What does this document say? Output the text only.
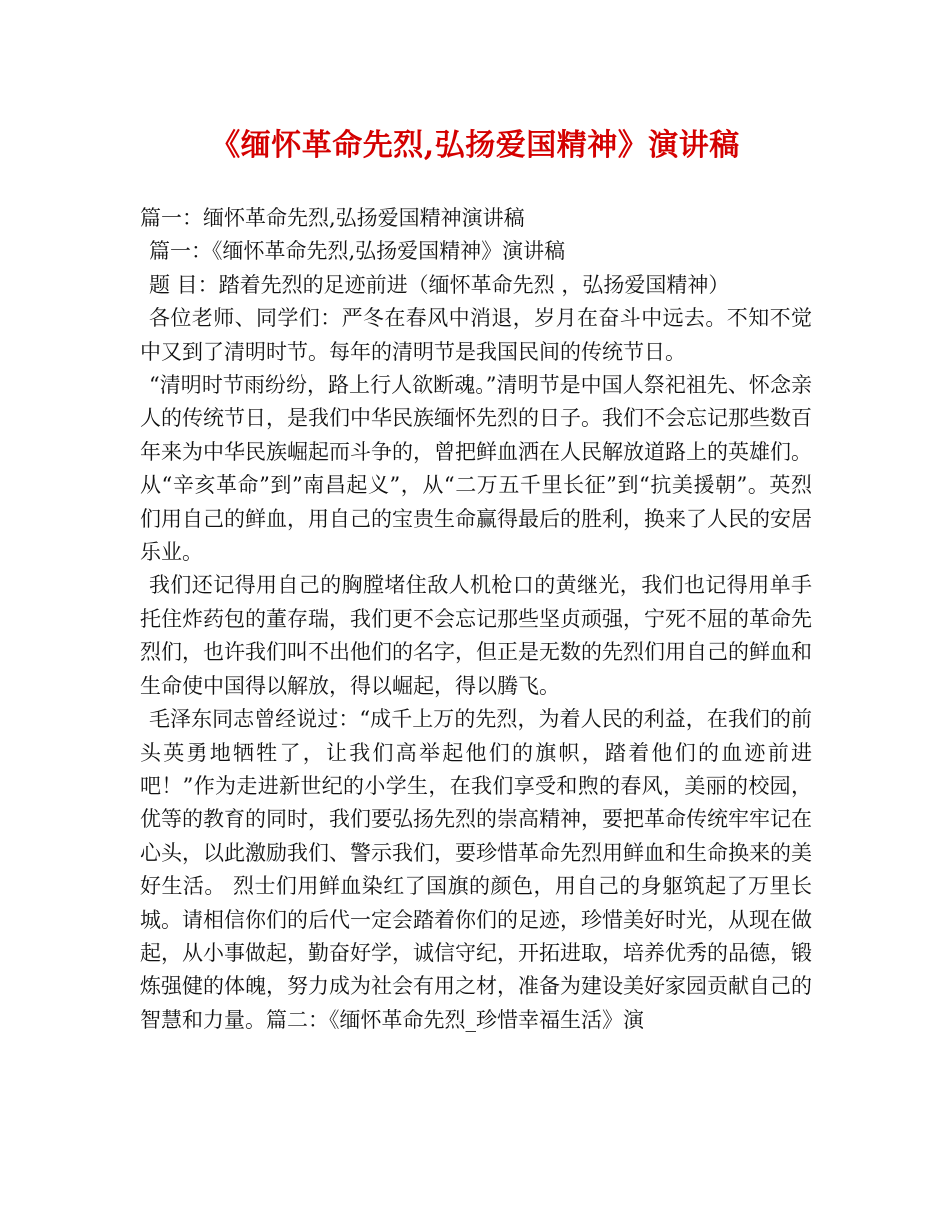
《缅怀革命先烈,弘扬爱国精神》演讲稿

篇一：缅怀革命先烈,弘扬爱国精神演讲稿

篇一：《缅怀革命先烈,弘扬爱国精神》演讲稿

题 目：踏着先烈的足迹前进（缅怀革命先烈 ，弘扬爱国精神）

各位老师、同学们：严冬在春风中消退，岁月在奋斗中远去。不知不觉中又到了清明时节。每年的清明节是我国民间的传统节日。

“清明时节雨纷纷，路上行人欲断魂。”清明节是中国人祭祀祖先、怀念亲人的传统节日，是我们中华民族缅怀先烈的日子。我们不会忘记那些数百年来为中华民族崛起而斗争的，曾把鲜血洒在人民解放道路上的英雄们。从“辛亥革命”到”南昌起义”，从“二万五千里长征”到“抗美援朝”。英烈们用自己的鲜血，用自己的宝贵生命赢得最后的胜利，换来了人民的安居乐业。

我们还记得用自己的胸膛堵住敌人机枪口的黄继光，我们也记得用单手托住炸药包的董存瑞，我们更不会忘记那些坚贞顽强，宁死不屈的革命先烈们，也许我们叫不出他们的名字，但正是无数的先烈们用自己的鲜血和生命使中国得以解放，得以崛起，得以腾飞。

毛泽东同志曾经说过：“成千上万的先烈，为着人民的利益，在我们的前头英勇地牺牲了，让我们高举起他们的旗帜，踏着他们的血迹前进吧！”作为走进新世纪的小学生，在我们享受和煦的春风，美丽的校园，优等的教育的同时，我们要弘扬先烈的崇高精神，要把革命传统牢牢记在心头，以此激励我们、警示我们，要珍惜革命先烈用鲜血和生命换来的美好生活。 烈士们用鲜血染红了国旗的颜色，用自己的身躯筑起了万里长城。请相信你们的后代一定会踏着你们的足迹，珍惜美好时光，从现在做起，从小事做起，勤奋好学，诚信守纪，开拓进取，培养优秀的品德，锻炼强健的体魄，努力成为社会有用之材，准备为建设美好家园贡献自己的智慧和力量。篇二：《缅怀革命先烈_珍惜幸福生活》演
